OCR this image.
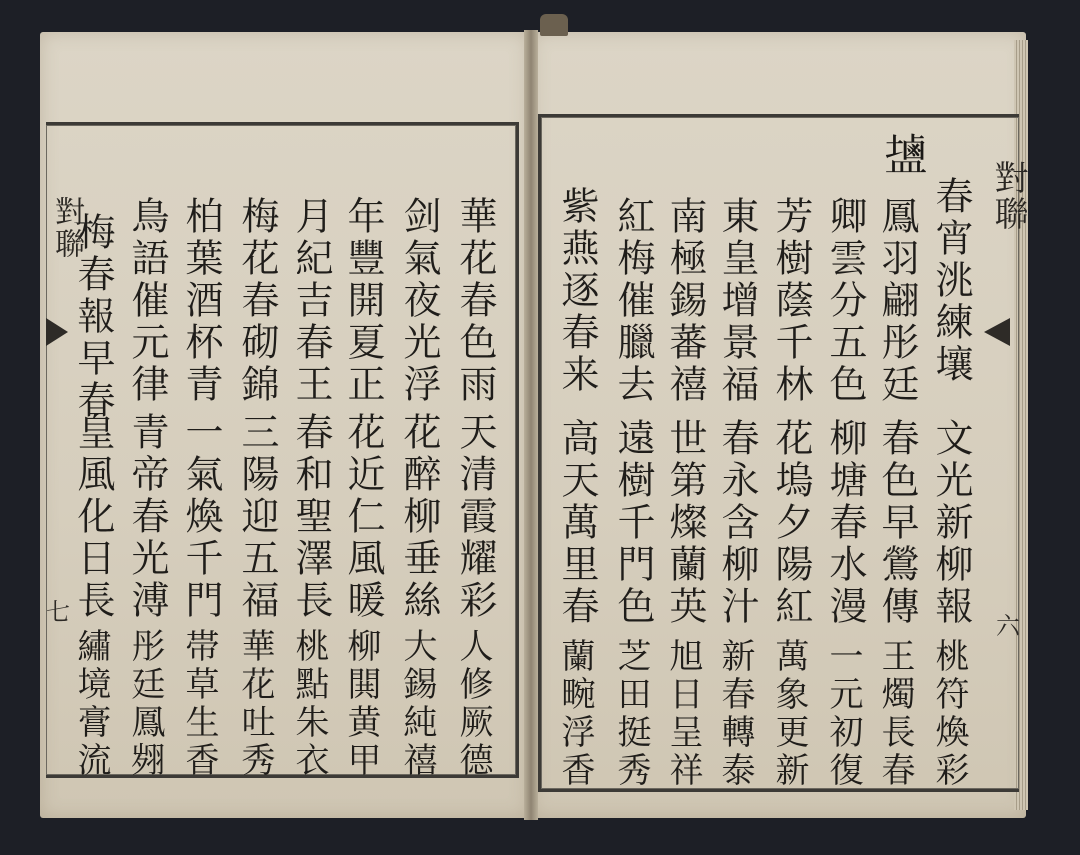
𪉩
對聯
對聯
六
七
春宵洮練壤
文光新柳報
桃符煥彩
鳳羽翩彤廷
春色早鶯傳
王燭長春
卿雲分五色
柳塘春水漫
一元初復
芳樹蔭千林
花塢夕陽紅
萬象更新
東皇增景福
春永含柳汁
新春轉泰
南極錫蕃禧
世第燦蘭英
旭日呈祥
紅梅催臘去
遠樹千門色
芝田挺秀
紫燕逐春来
高天萬里春
蘭畹浮香
華花春色雨
天清霞耀彩
人修厥德
剑氣夜光浮
花醉柳垂絲
大錫純禧
年豐開夏正
花近仁風暖
柳閧黄甲
月紀吉春王
春和聖澤長
桃點朱衣
梅花春砌錦
三陽迎五福
華花吐秀
柏葉酒杯青
一氣煥千門
帯草生香
鳥語催元律
青帝春光溥
彤廷鳳翙
梅春報早春
皇風化日長
繡境膏流
